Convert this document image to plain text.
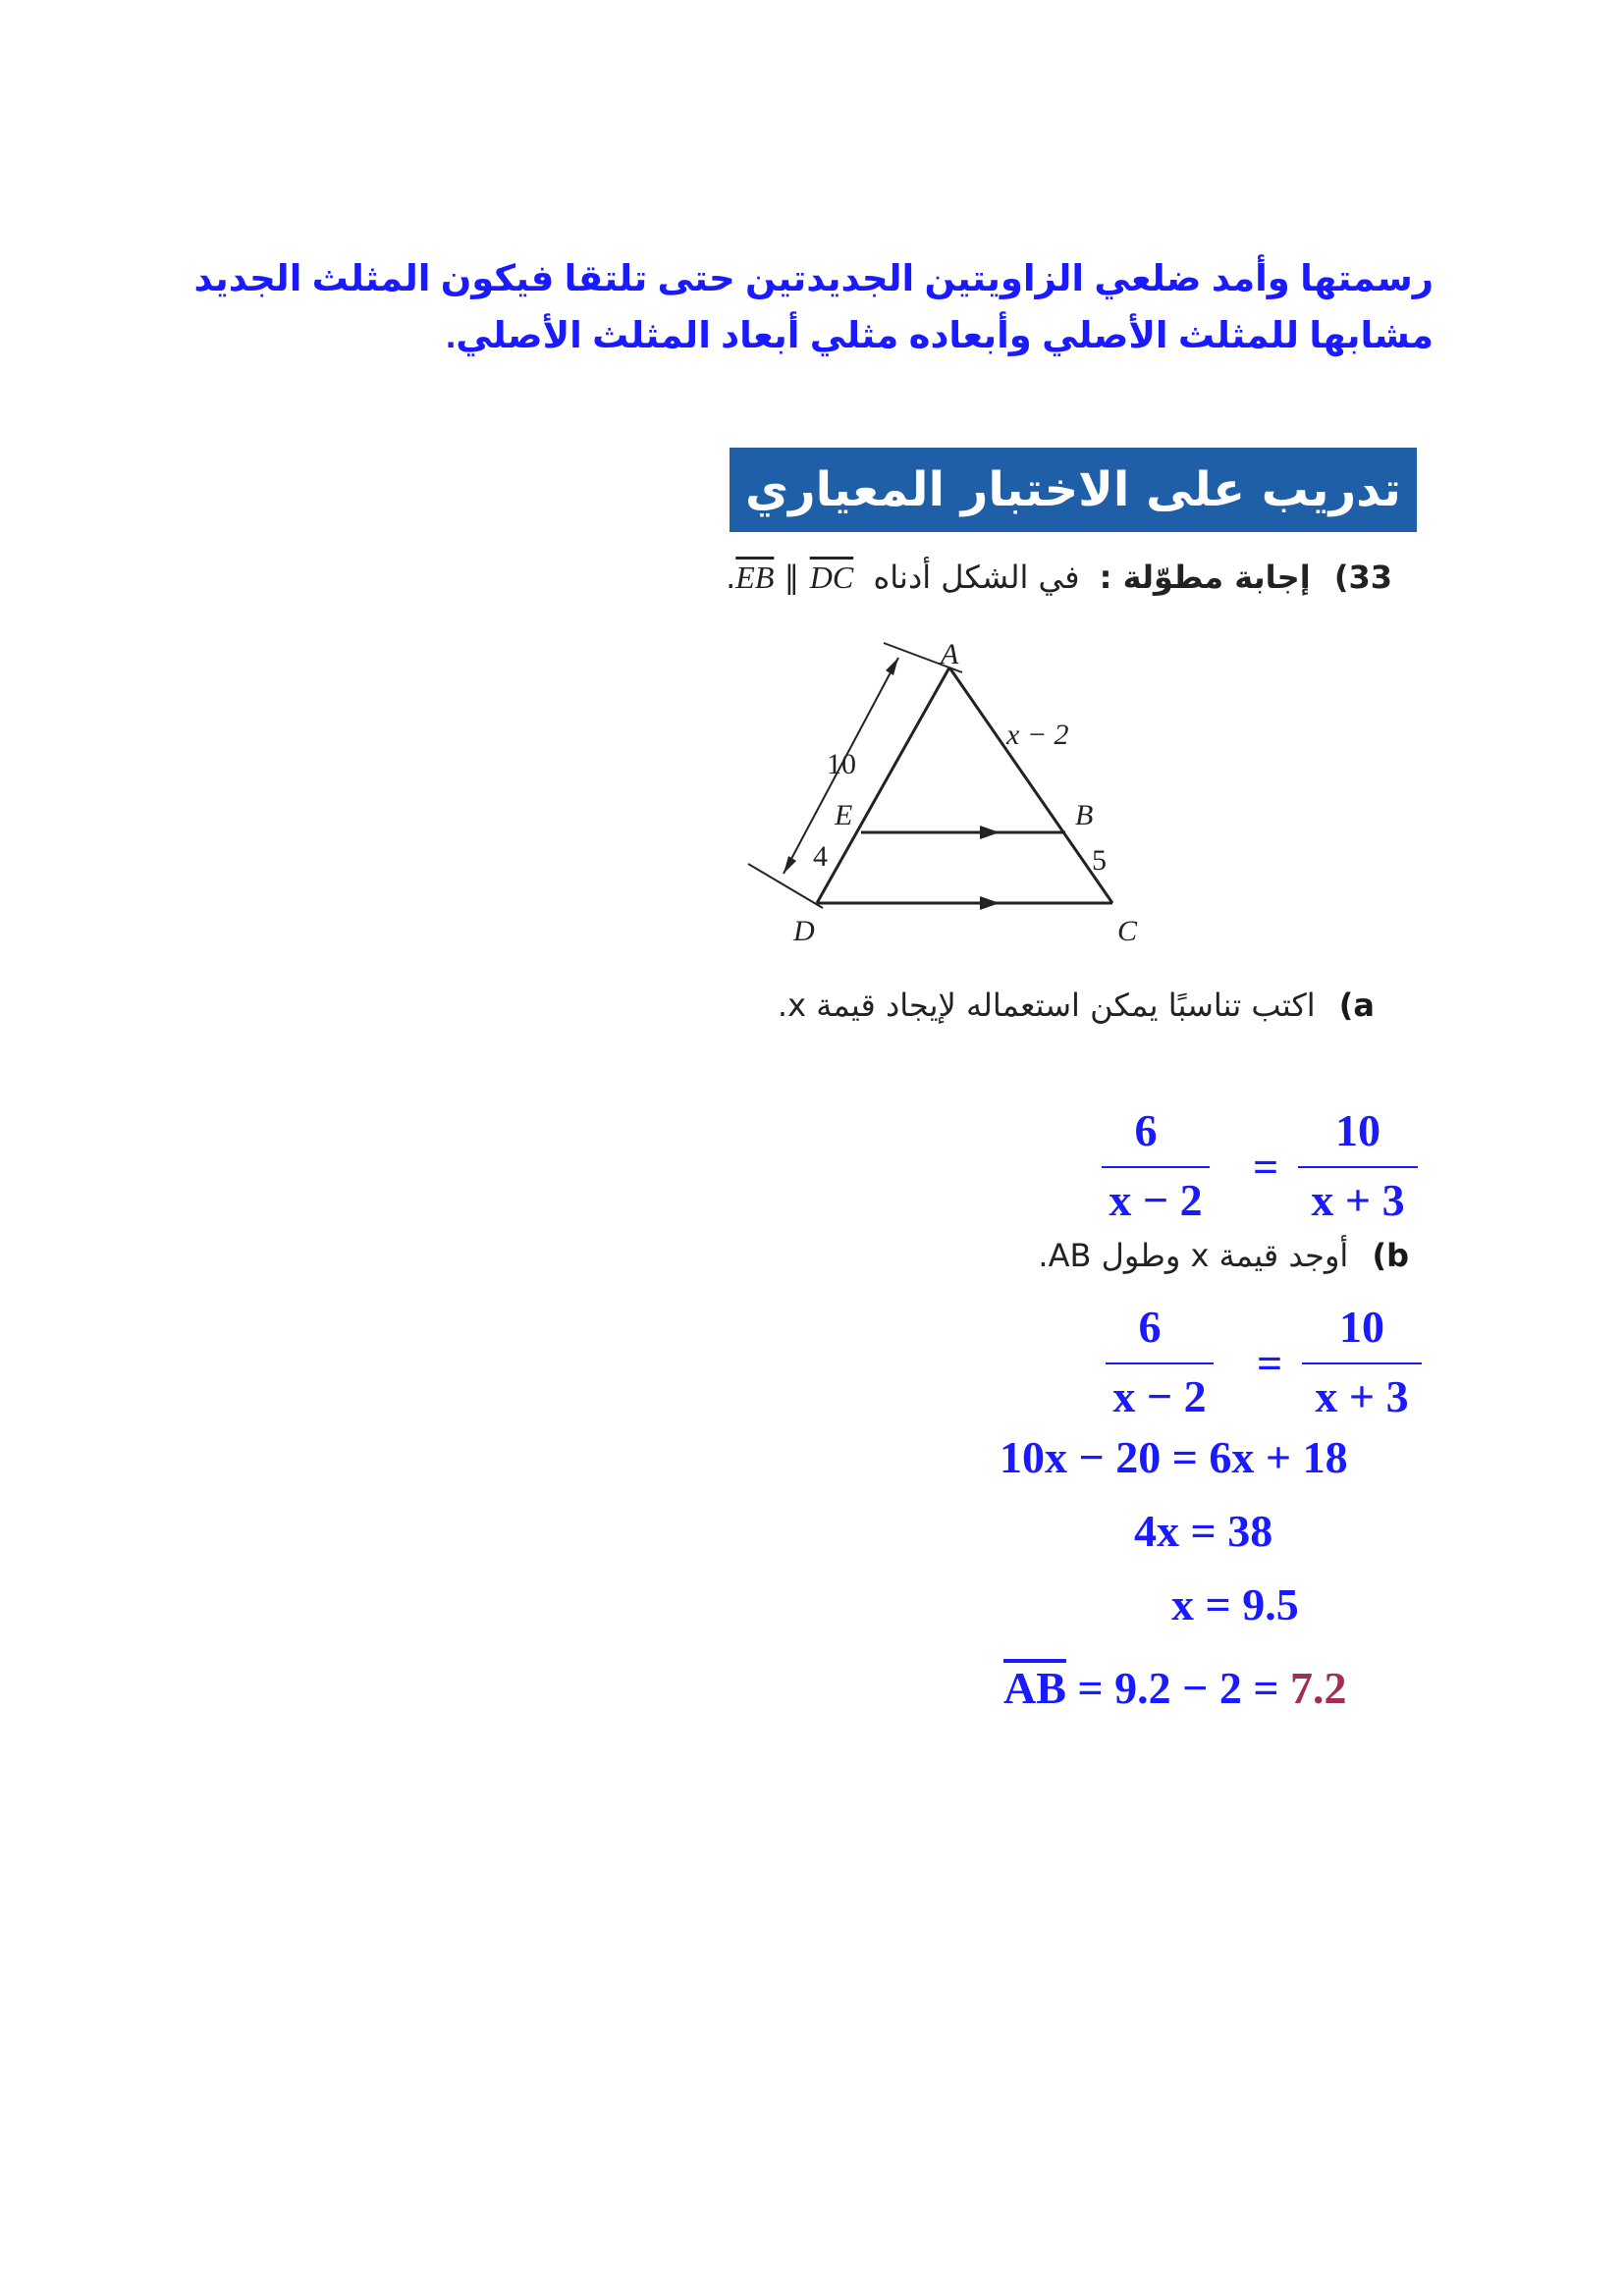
رسمتها وأمد ضلعي الزاويتين الجديدتين حتى تلتقا فيكون المثلث الجديد مشابها للمثلث الأصلي وأبعاده مثلي أبعاد المثلث الأصلي.
تدريب على الاختبار المعياري
33) إجابة مطوّلة : في الشكل أدناه $\overline{EB}$ ∥ $\overline{DC}$ .
A
B
C
D
E
x − 2
10
4	5
a) اكتب تناسبًا يمكن استعماله لإيجاد قيمة x.
6
x − 2
=
10
x + 3
b) أوجد قيمة x وطول AB.
6
x − 2
=
10
x + 3
10x − 20 = 6x + 18
4x = 38
x = 9.5
$\overline{AB} = 9.2 - 2 = 7.2$
